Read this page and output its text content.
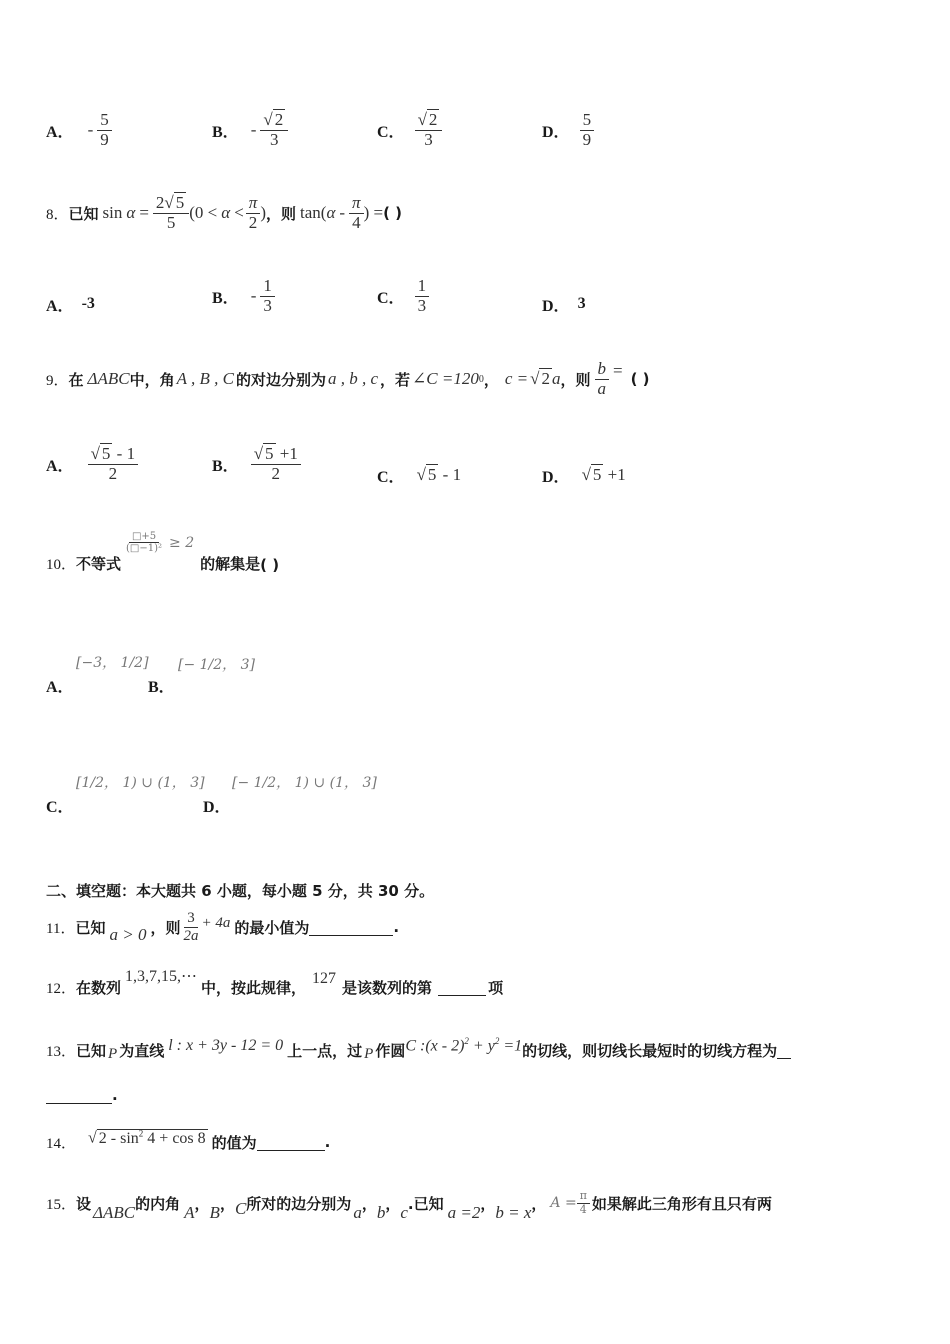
A． - $\frac{5}{9}$	B． - $\frac{√ 2}{3}$	C． $\frac{√ 2}{3}$	D． $\frac{5}{9}$
8． 已知 $\sin \alpha = \frac{2√ 5}{5} (0 < \alpha < \frac{\pi}{2}$ ) ，则 tan( α - $\frac{\pi}{4}$ ) = ( )
A． -3	B． - $\frac{1}{3}$	C． $\frac{1}{3}$	D． 3
9． 在 ΔABC 中，角 A , B , C 的对边分别为 a , b , c ，若 ∠C =120 0 ， c = √ 2 a ，则 $\frac{b}{a}$ = ( )
A． $\frac{√ 5 - 1}{2}$	B． $\frac{√ 5 +1}{2}$	C． √ 5 - 1	D． √ 5 +1
10． 不等式
$\frac{□+5}{\text{(□−1)²}} \ge 2$
的解集是 ( )
A．
[−3， 1/2]
B．
[− 1/2， 3]
C．
[1/2， 1) ∪ (1， 3]
D．
[− 1/2， 1) ∪ (1， 3]
二、填空题：本大题共 6 小题，每小题 5 分，共 30 分。
11． 已知 a > 0 ，则 $\frac{3}{2a} + 4a$ 的最小值为	.
12． 在数列
1,3,7,15,⋯
中，按此规律，
127
是该数列的第	项
13． 已知 P 为直线 l : x + 3y - 12 = 0 上一点，过 P 作圆 C :(x - $2)^2 + y^2 =1$ 的切线，则切线长最短时的切线方程为
.
14． √ $2 - \sin^2 4 + \cos 8$ 的值为	.
15． 设 ΔABC 的内角 A ， B ， C 所对的边分别为 a ， b ， c .已知 a =2 ， b = x ， $A = \frac{\pi}{4}$ 如果解此三角形有且只有两
